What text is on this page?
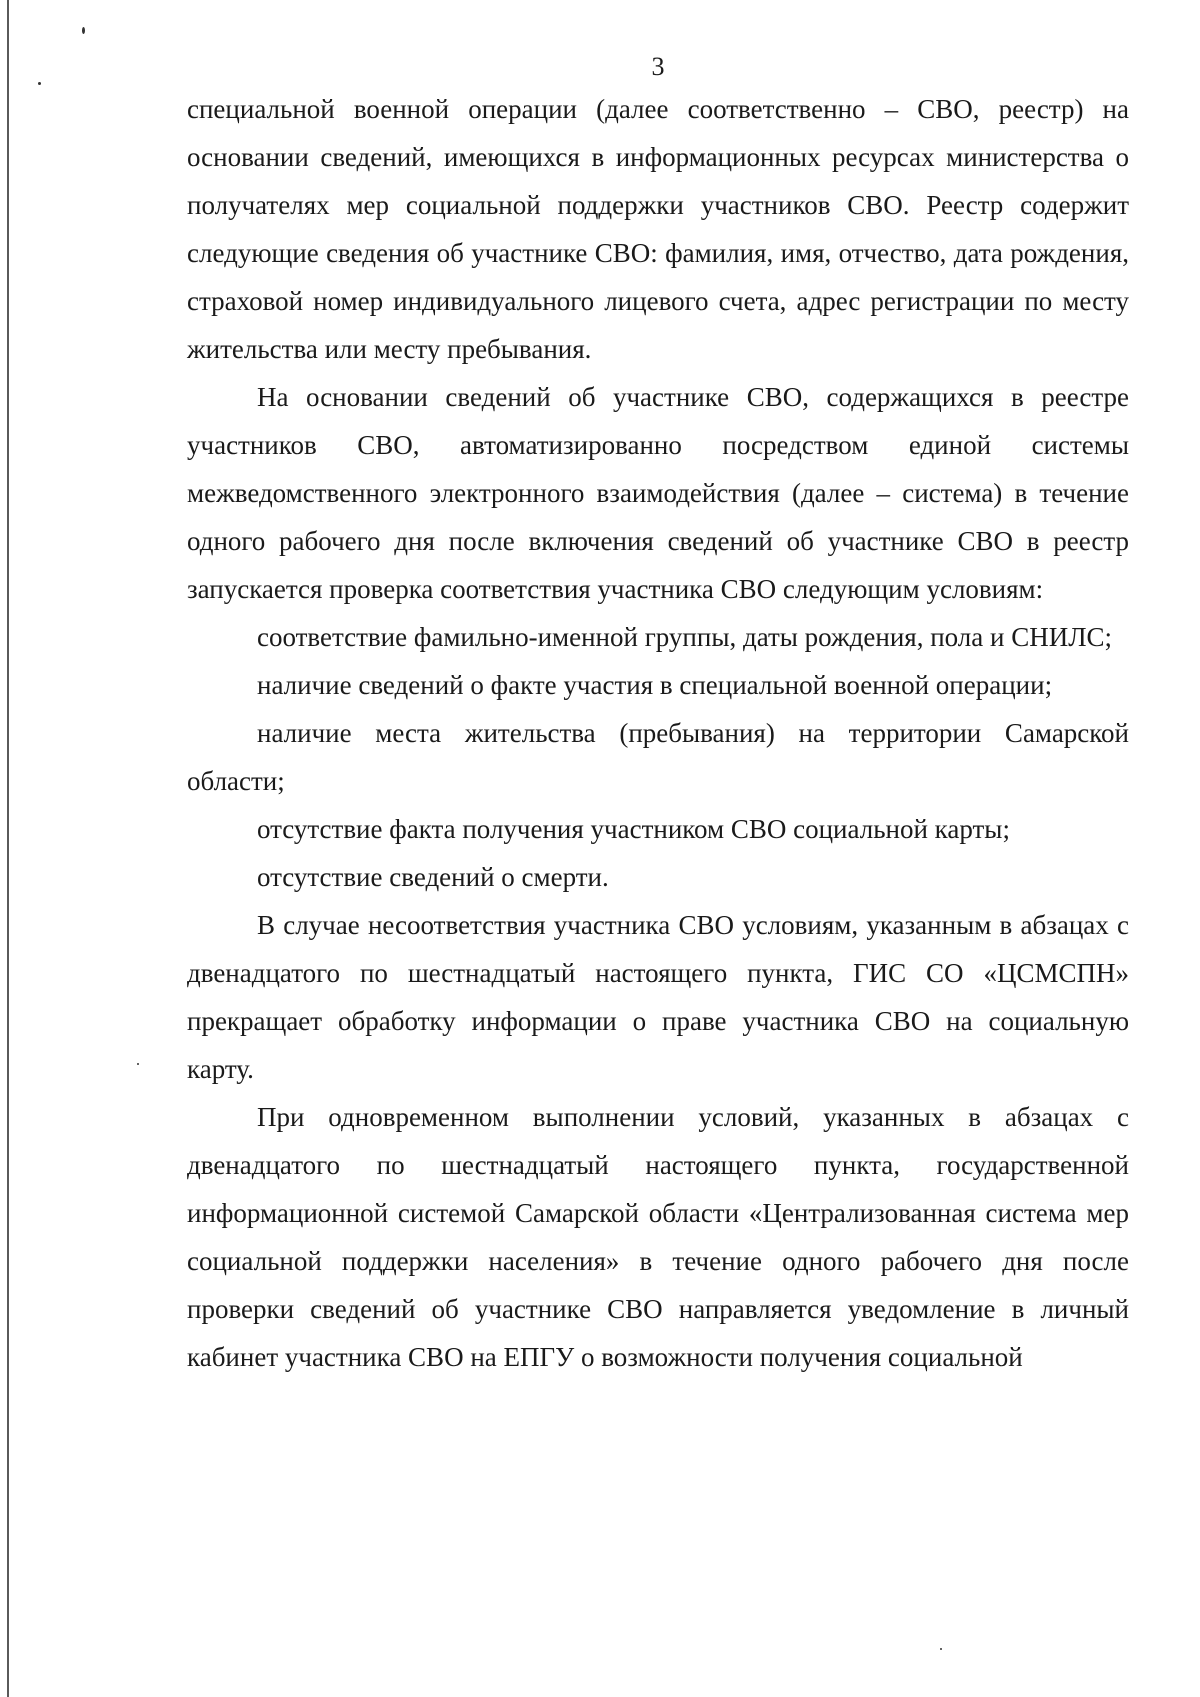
3

специальной военной операции (далее соответственно – СВО, реестр) на основании сведений, имеющихся в информационных ресурсах министерства о получателях мер социальной поддержки участников СВО. Реестр содержит следующие сведения об участнике СВО: фамилия, имя, отчество, дата рождения, страховой номер индивидуального лицевого счета, адрес регистрации по месту жительства или месту пребывания.

На основании сведений об участнике СВО, содержащихся в реестре участников СВО, автоматизированно посредством единой системы межведомственного электронного взаимодействия (далее – система) в течение одного рабочего дня после включения сведений об участнике СВО в реестр запускается проверка соответствия участника СВО следующим условиям:

соответствие фамильно-именной группы, даты рождения, пола и СНИЛС;

наличие сведений о факте участия в специальной военной операции;

наличие места жительства (пребывания) на территории Самарской области;

отсутствие факта получения участником СВО социальной карты;

отсутствие сведений о смерти.

В случае несоответствия участника СВО условиям, указанным в абзацах с двенадцатого по шестнадцатый настоящего пункта, ГИС СО «ЦСМСПН» прекращает обработку информации о праве участника СВО на социальную карту.

При одновременном выполнении условий, указанных в абзацах с двенадцатого по шестнадцатый настоящего пункта, государственной информационной системой Самарской области «Централизованная система мер социальной поддержки населения» в течение одного рабочего дня после проверки сведений об участнике СВО направляется уведомление в личный кабинет участника СВО на ЕПГУ о возможности получения социальной
